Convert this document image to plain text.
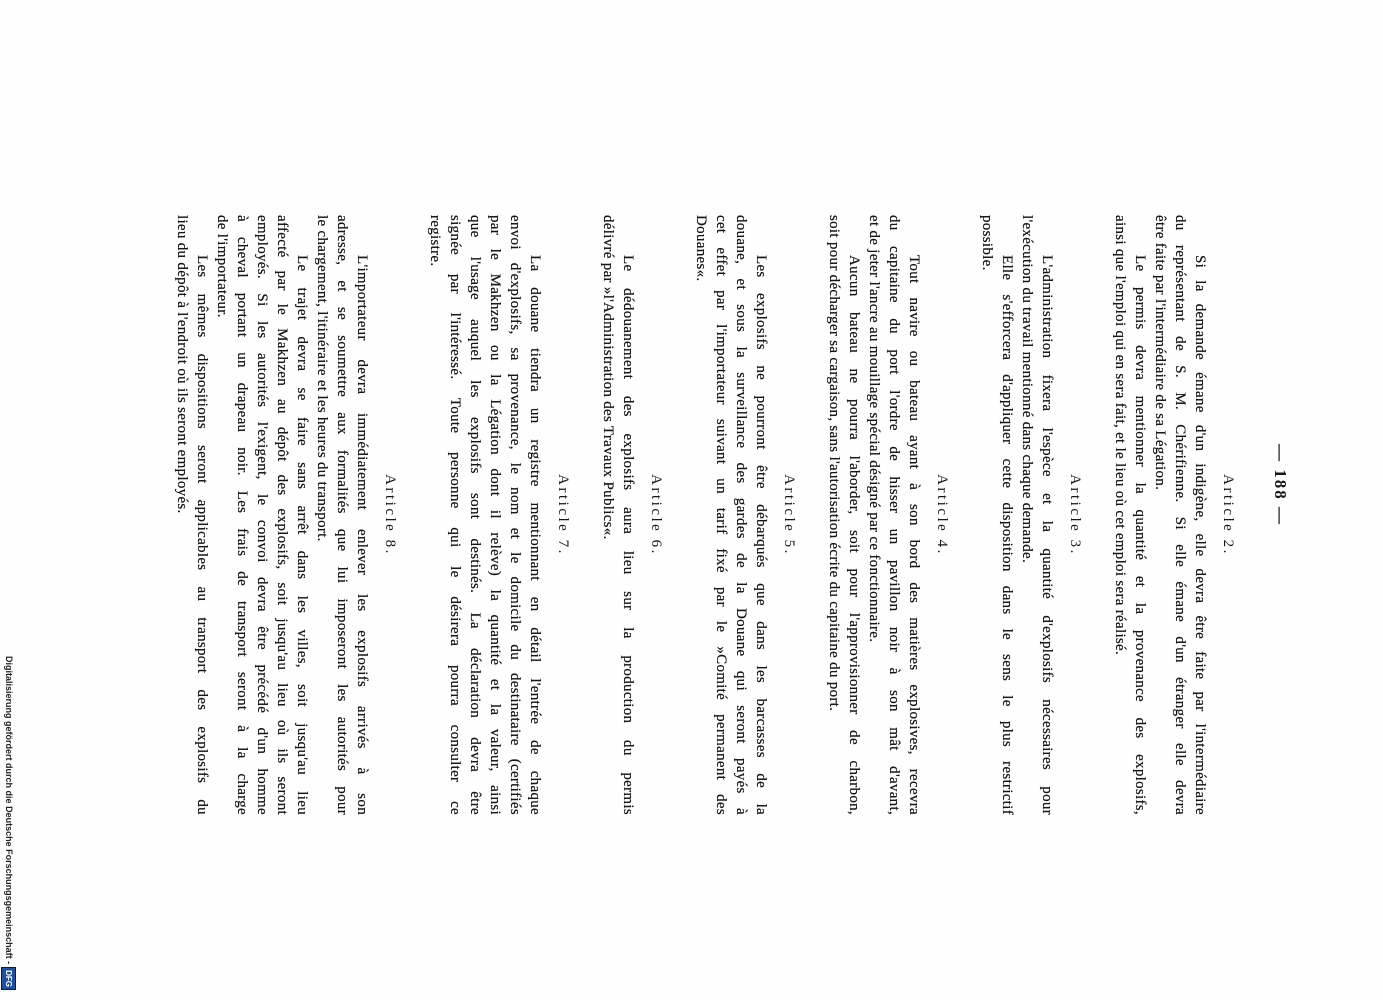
— 188 —
Article 2.
Si la demande émane d'un indigène, elle devra être faite par l'intermédiaire
du représentant de S. M. Chérifienne. Si elle émane d'un étranger elle devra
être faite par l'intermédiaire de sa Légation.
Le permis devra mentionner la quantité et la provenance des explosifs,
ainsi que l'emploi qui en sera fait, et le lieu où cet emploi sera réalisé.
Article 3.
L'administration fixera l'espèce et la quantité d'explosifs nécessaires pour
l'exécution du travail mentionné dans chaque demande.
Elle s'efforcera d'appliquer cette disposition dans le sens le plus restrictif
possible.
Article 4.
Tout navire ou bateau ayant à son bord des matières explosives, recevra
du capitaine du port l'ordre de hisser un pavillon noir à son mât d'avant,
et de jeter l'ancre au mouillage spécial désigné par ce fonctionnaire.
Aucun bateau ne pourra l'aborder, soit pour l'approvisionner de charbon,
soit pour décharger sa cargaison, sans l'autorisation écrite du capitaine du port.
Article 5.
Les explosifs ne pourront être débarqués que dans les barcasses de la
douane, et sous la surveillance des gardes de la Douane qui seront payés à
cet effet par l'importateur suivant un tarif fixé par le »Comité permanent des
Douanes«.
Article 6.
Le dédouanement des explosifs aura lieu sur la production du permis
délivré par »l'Administration des Travaux Publics«.
Article 7.
La douane tiendra un registre mentionnant en détail l'entrée de chaque
envoi d'explosifs, sa provenance, le nom et le domicile du destinataire (certifiés
par le Makhzen ou la Légation dont il relève) la quantité et la valeur, ainsi
que l'usage auquel les explosifs sont destinés. La déclaration devra être
signée par l'intéressé. Toute personne qui le désirera pourra consulter ce
registre.
Article 8.
L'importateur devra immédiatement enlever les explosifs arrivés à son
adresse, et se soumettre aux formalités que lui imposeront les autorités pour
le chargement, l'itinéraire et les heures du transport.
Le trajet devra se faire sans arrêt dans les villes, soit jusqu'au lieu
affecté par le Makhzen au dépôt des explosifs, soit jusqu'au lieu où ils seront
employés. Si les autorités l'exigent, le convoi devra être précédé d'un homme
à cheval portant un drapeau noir. Les frais de transport seront à la charge
de l'importateur.
Les mêmes dispositions seront applicables au transport des explosifs du
lieu du dépôt à l'endroit où ils seront employés.
Digitalisierung gefördert durch die Deutsche Forschungsgemeinschaft -
DFG
